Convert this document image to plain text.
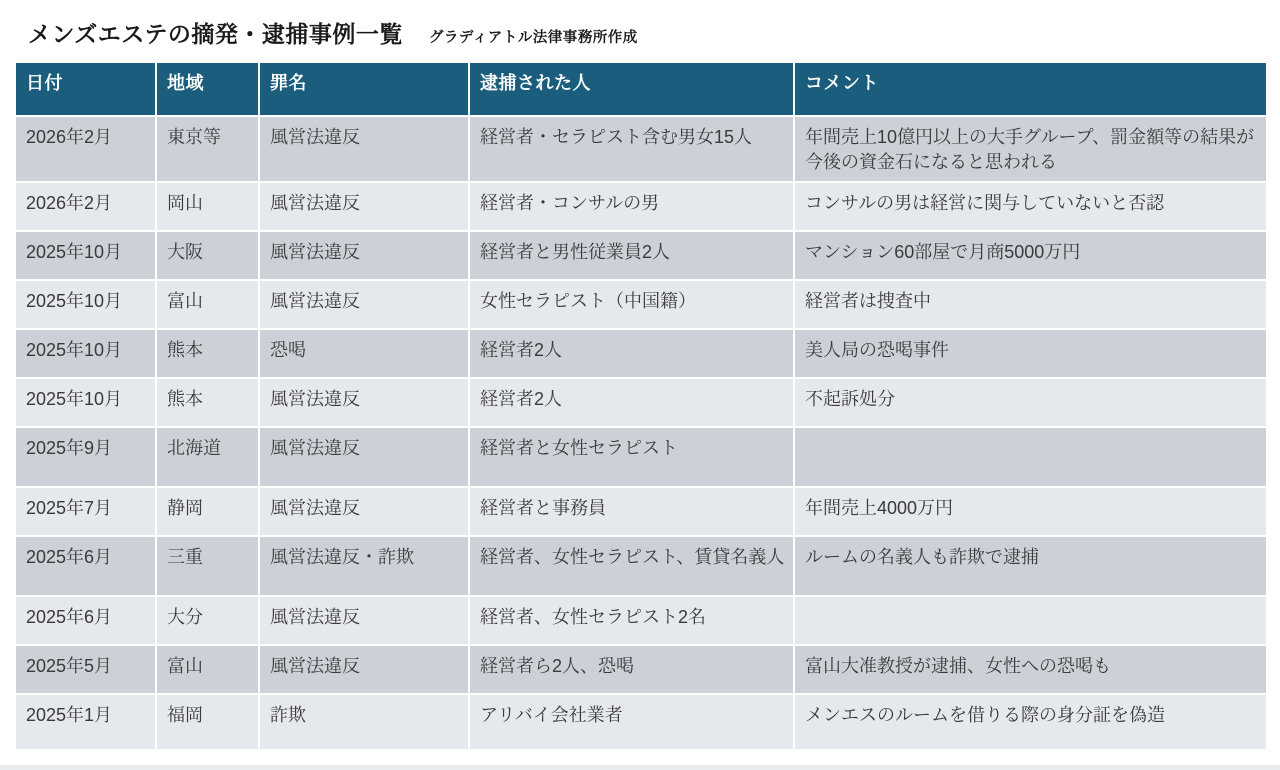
メンズエステの摘発・逮捕事例一覧 グラディアトル法律事務所作成
日付	地域	罪名	逮捕された人	コメント
2026年2月	東京等	風営法違反	経営者・セラピスト含む男女15人	年間売上10億円以上の大手グループ、罰金額等の結果が今後の資金石になると思われる
2026年2月	岡山	風営法違反	経営者・コンサルの男	コンサルの男は経営に関与していないと否認
2025年10月	大阪	風営法違反	経営者と男性従業員2人	マンション60部屋で月商5000万円
2025年10月	富山	風営法違反	女性セラピスト（中国籍）	経営者は捜査中
2025年10月	熊本	恐喝	経営者2人	美人局の恐喝事件
2025年10月	熊本	風営法違反	経営者2人	不起訴処分
2025年9月	北海道	風営法違反	経営者と女性セラピスト	
2025年7月	静岡	風営法違反	経営者と事務員	年間売上4000万円
2025年6月	三重	風営法違反・詐欺	経営者、女性セラピスト、賃貸名義人	ルームの名義人も詐欺で逮捕
2025年6月	大分	風営法違反	経営者、女性セラピスト2名	
2025年5月	富山	風営法違反	経営者ら2人、恐喝	富山大准教授が逮捕、女性への恐喝も
2025年1月	福岡	詐欺	アリバイ会社業者	メンエスのルームを借りる際の身分証を偽造
